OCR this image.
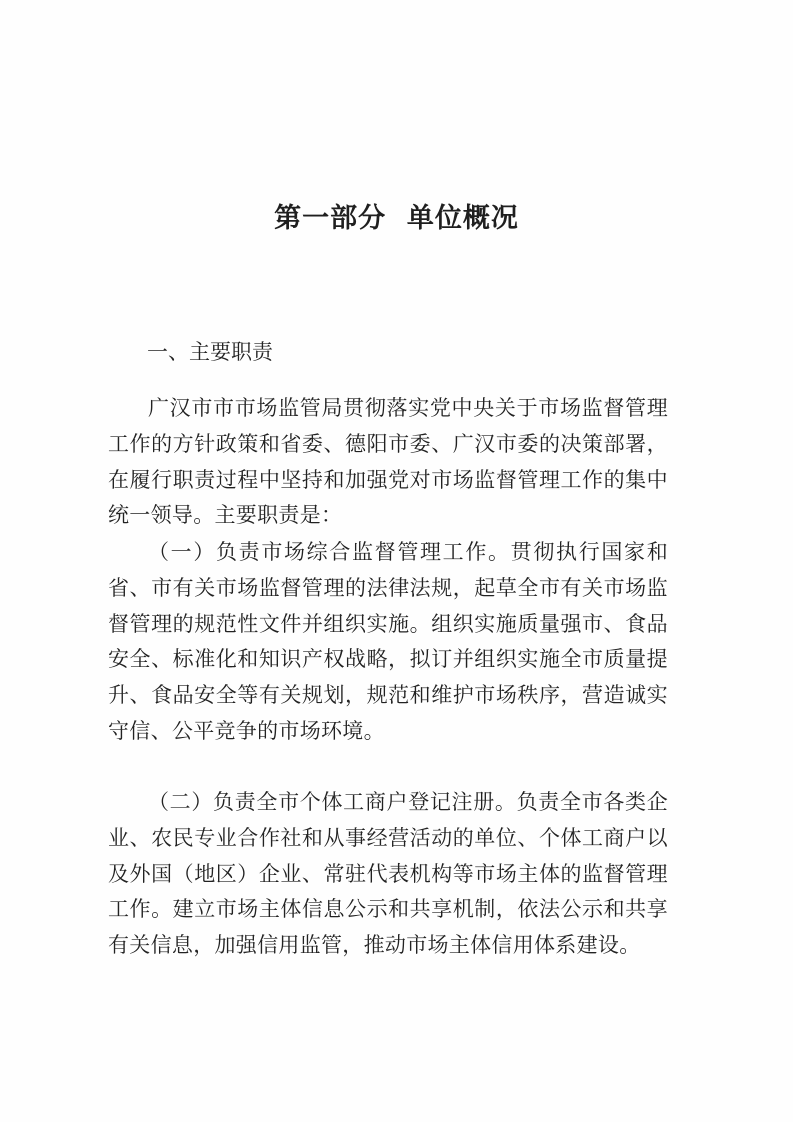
第一部分  单位概况
一、主要职责

广汉市市市场监管局贯彻落实党中央关于市场监督管理工作的方针政策和省委、德阳市委、广汉市委的决策部署，在履行职责过程中坚持和加强党对市场监督管理工作的集中统一领导。主要职责是：

（一）负责市场综合监督管理工作。贯彻执行国家和省、市有关市场监督管理的法律法规，起草全市有关市场监督管理的规范性文件并组织实施。组织实施质量强市、食品安全、标准化和知识产权战略，拟订并组织实施全市质量提升、食品安全等有关规划，规范和维护市场秩序，营造诚实守信、公平竞争的市场环境。

（二）负责全市个体工商户登记注册。负责全市各类企业、农民专业合作社和从事经营活动的单位、个体工商户以及外国（地区）企业、常驻代表机构等市场主体的监督管理工作。建立市场主体信息公示和共享机制，依法公示和共享有关信息，加强信用监管，推动市场主体信用体系建设。
